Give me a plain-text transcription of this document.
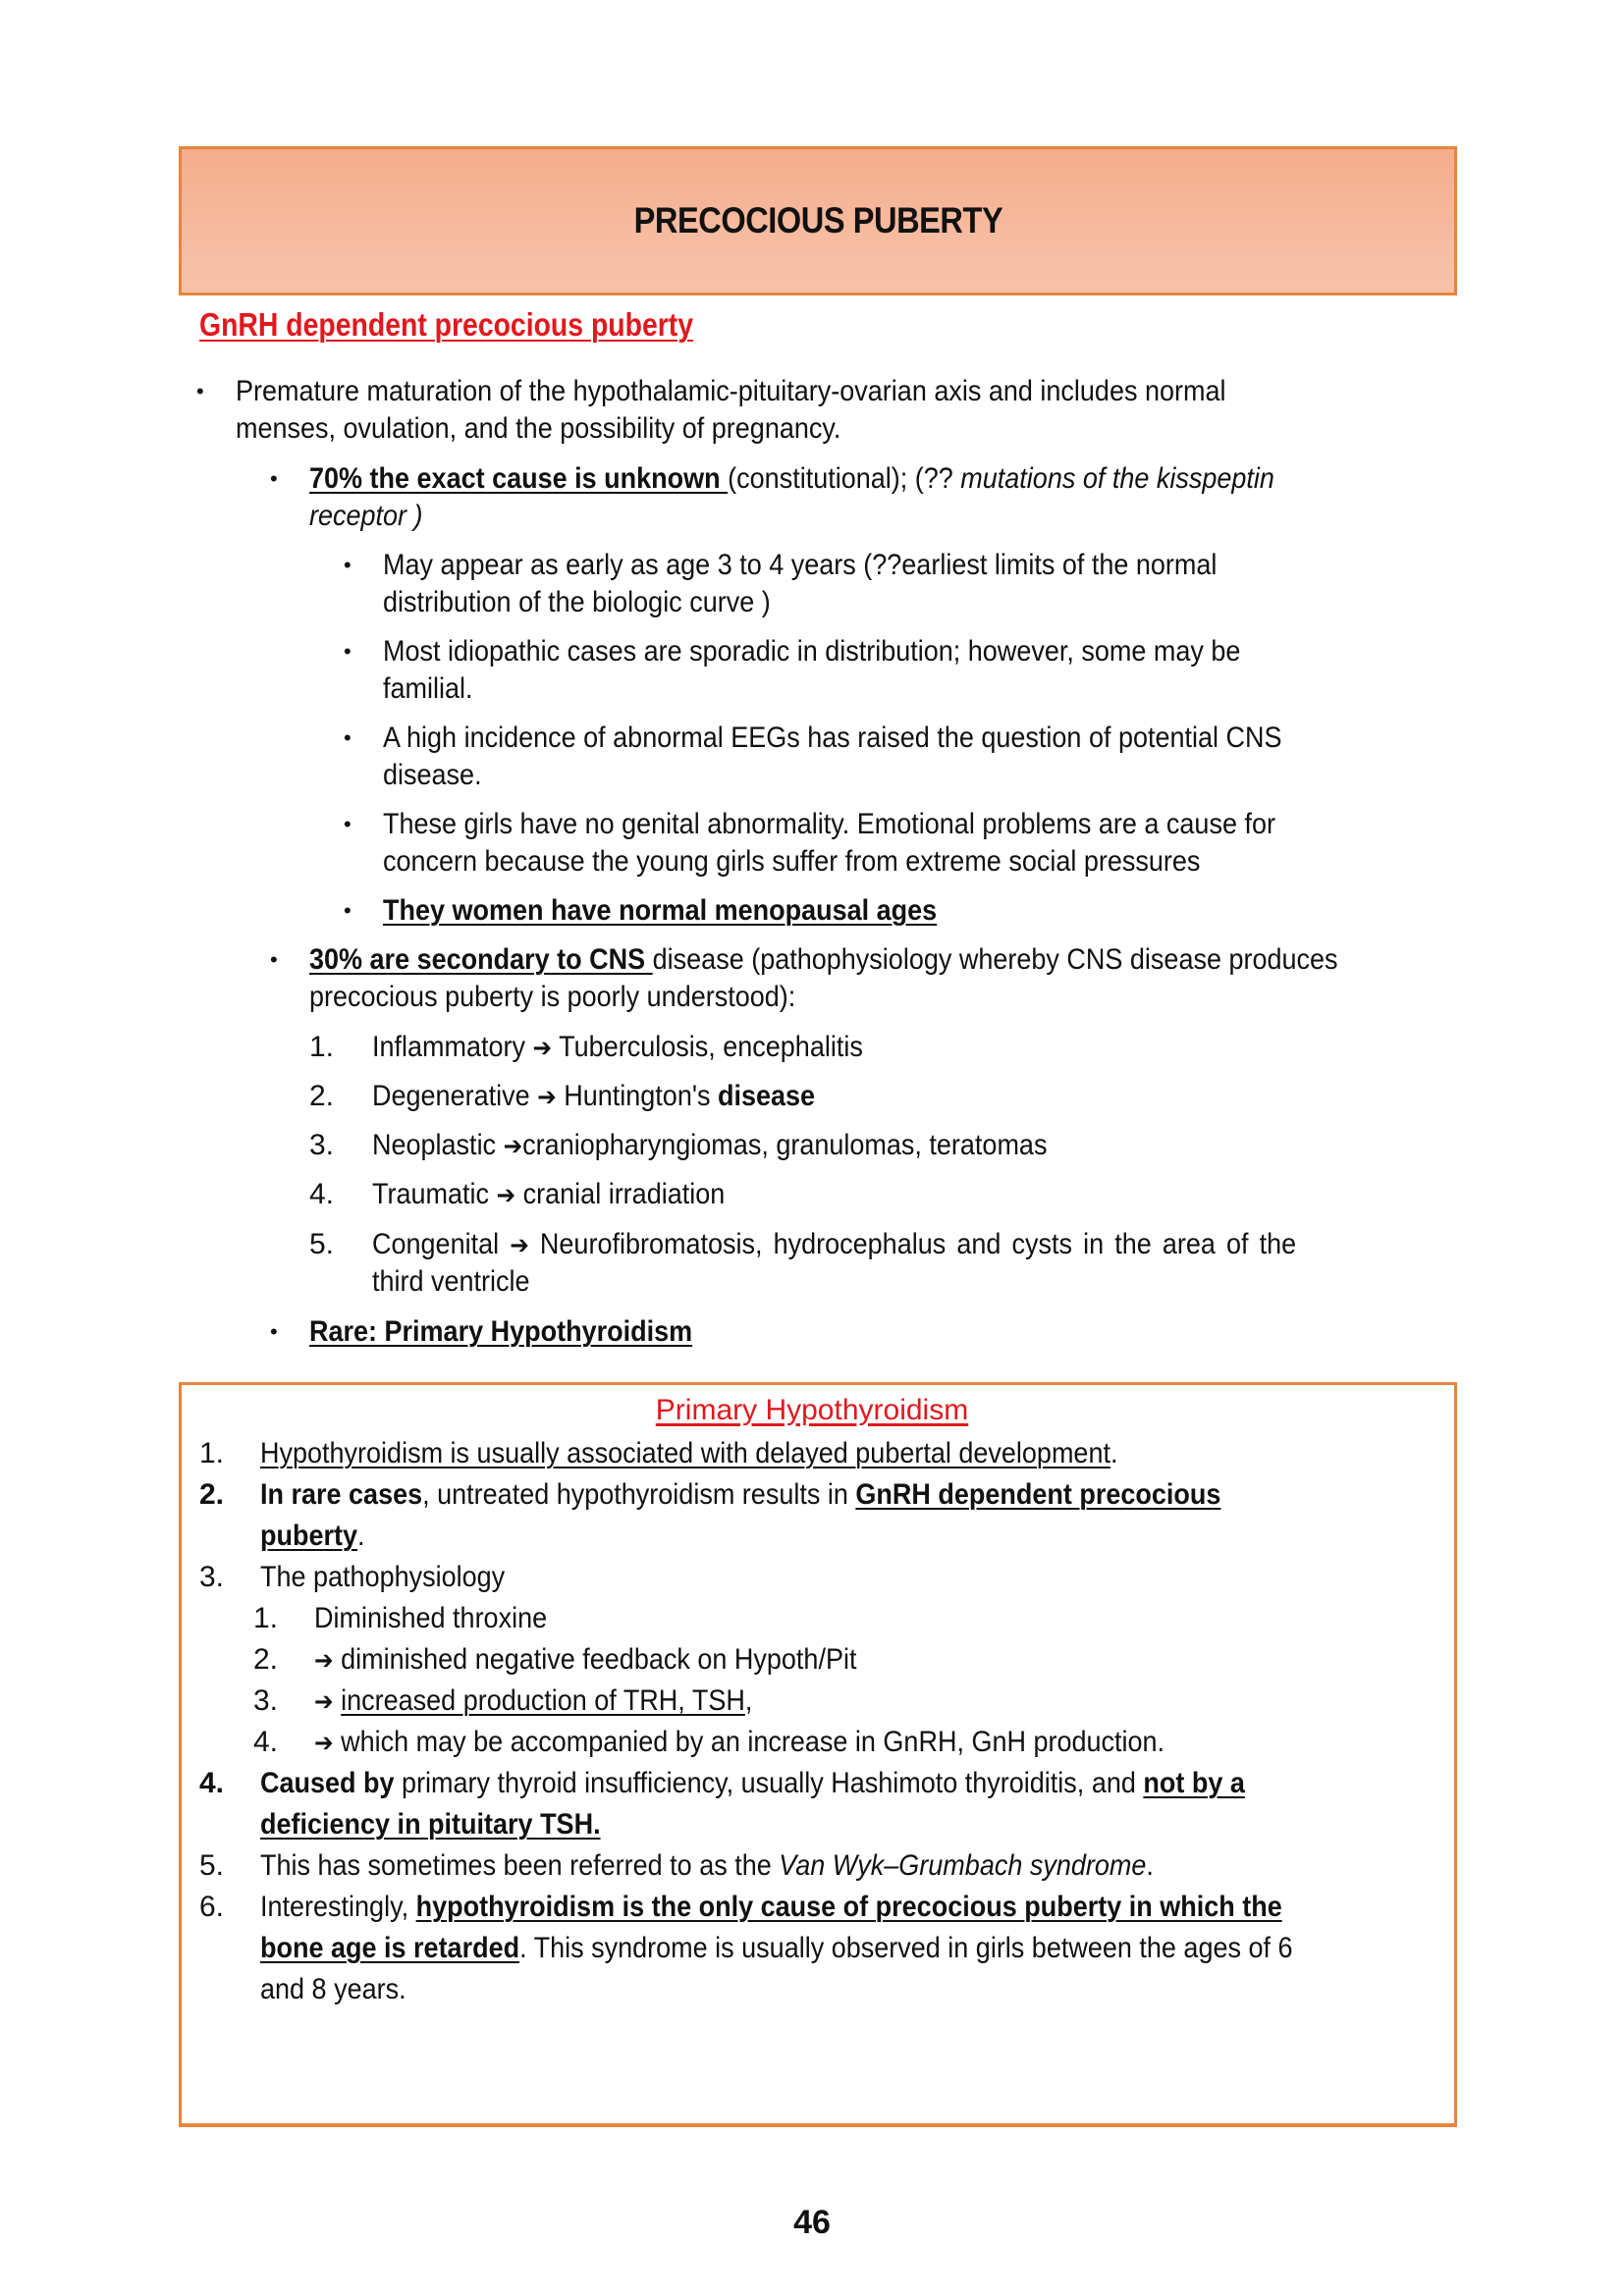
PRECOCIOUS PUBERTY
GnRH dependent precocious puberty
• Premature maturation of the hypothalamic-pituitary-ovarian axis and includes normal
menses, ovulation, and the possibility of pregnancy.
• 70% the exact cause is unknown (constitutional); (?? mutations of the kisspeptin
receptor )
• May appear as early as age 3 to 4 years (??earliest limits of the normal
distribution of the biologic curve )
• Most idiopathic cases are sporadic in distribution; however, some may be
familial.
• A high incidence of abnormal EEGs has raised the question of potential CNS
disease.
• These girls have no genital abnormality. Emotional problems are a cause for
concern because the young girls suffer from extreme social pressures
• They women have normal menopausal ages
• 30% are secondary to CNS disease (pathophysiology whereby CNS disease produces
precocious puberty is poorly understood):
1. Inflammatory ➔ Tuberculosis, encephalitis
2. Degenerative ➔ Huntington's disease
3. Neoplastic ➔craniopharyngiomas, granulomas, teratomas
4. Traumatic ➔ cranial irradiation
5. Congenital ➔ Neurofibromatosis, hydrocephalus and cysts in the area of the
third ventricle
• Rare: Primary Hypothyroidism
Primary Hypothyroidism
1. Hypothyroidism is usually associated with delayed pubertal development.
2. In rare cases, untreated hypothyroidism results in GnRH dependent precocious
puberty.
3. The pathophysiology
1. Diminished throxine
2. ➔ diminished negative feedback on Hypoth/Pit
3. ➔ increased production of TRH, TSH,
4. ➔ which may be accompanied by an increase in GnRH, GnH production.
4. Caused by primary thyroid insufficiency, usually Hashimoto thyroiditis, and not by a
deficiency in pituitary TSH.
5. This has sometimes been referred to as the Van Wyk–Grumbach syndrome.
6. Interestingly, hypothyroidism is the only cause of precocious puberty in which the
bone age is retarded. This syndrome is usually observed in girls between the ages of 6
and 8 years.
46
